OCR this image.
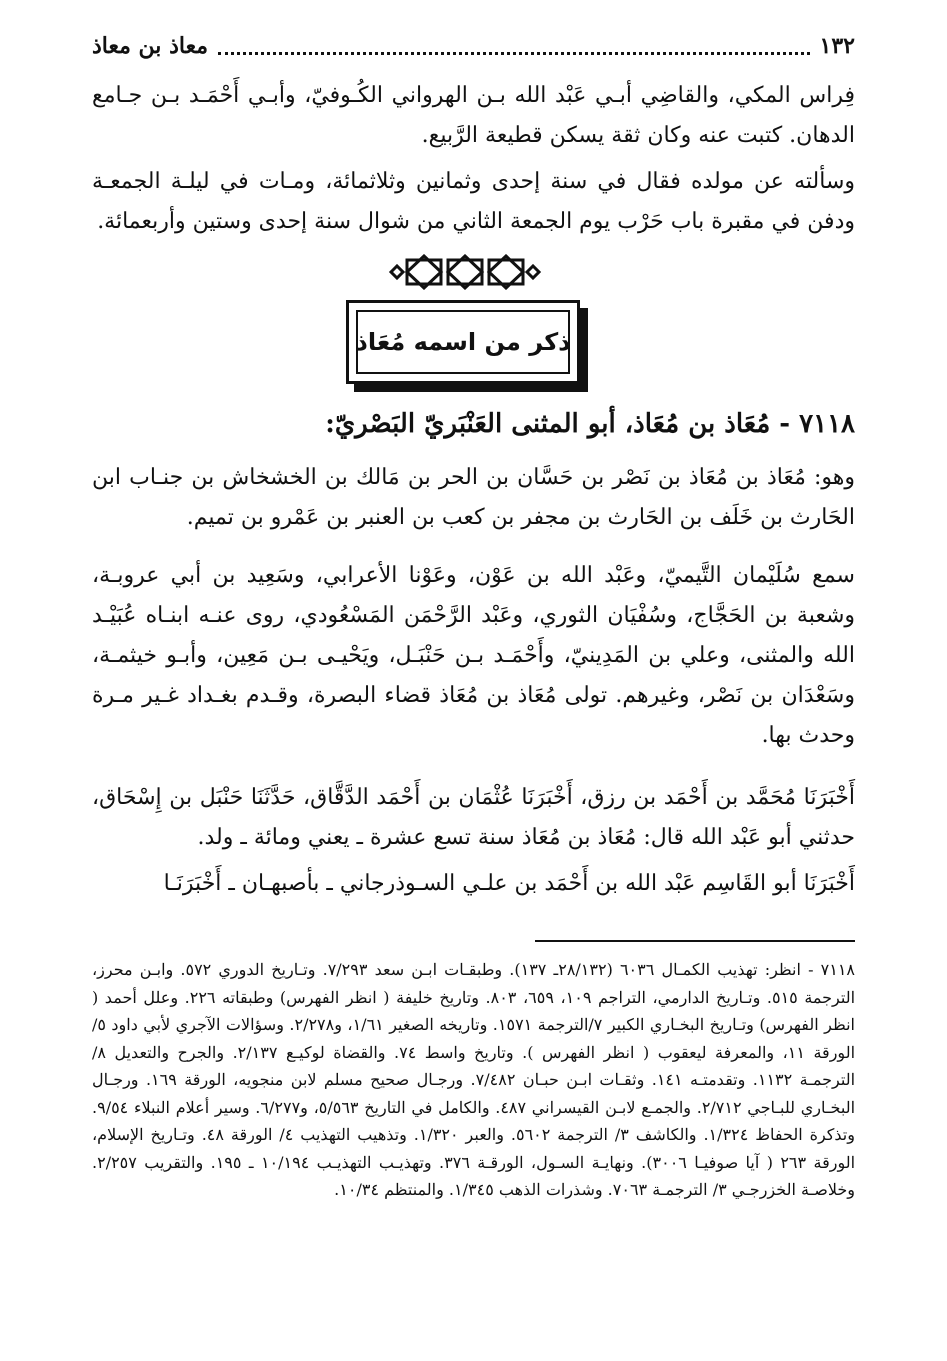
١٣٢
معاذ بن معاذ

فِراس المكي، والقاضِي أبـي عَبْد الله بـن الهرواني الكُـوفيّ، وأبـي أَحْمَـد بـن جـامع الدهان. كتبت عنه وكان ثقة يسكن قطيعة الرَّبيع.

وسألته عن مولده فقال في سنة إحدى وثمانين وثلاثمائة، ومـات في ليلـة الجمعـة ودفن في مقبرة باب حَرْب يوم الجمعة الثاني من شوال سنة إحدى وستين وأربعمائة.

ذكر من اسمه مُعَاذ
٧١١٨ - مُعَاذ بن مُعَاذ، أبو المثنى العَنْبَريّ البَصْريّ:

وهو: مُعَاذ بن مُعَاذ بن نَصْر بن حَسَّان بن الحر بن مَالك بن الخشخاش بن جنـاب ابن الحَارث بن خَلَف بن الحَارث بن مجفر بن كعب بن العنبر بن عَمْرو بن تميم.

سمع سُلَيْمان التَّيميّ، وعَبْد الله بن عَوْن، وعَوْنا الأعرابي، وسَعِيد بن أبي عروبـة، وشعبة بن الحَجَّاج، وسُفْيَان الثوري، وعَبْد الرَّحْمَن المَسْعُودي، روى عنـه ابنـاه عُبَيْـد الله والمثنى، وعلي بن المَدِينيّ، وأَحْمَـد بـن حَنْبَـل، ويَحْيـى بـن مَعِين، وأبـو خيثمـة، وسَعْدَان بن نَصْر، وغيرهم. تولى مُعَاذ بن مُعَاذ قضاء البصرة، وقـدم بغـداد غـير مـرة وحدث بها.

أَخْبَرَنَا مُحَمَّد بن أَحْمَد بن رزق، أَخْبَرَنَا عُثْمَان بن أَحْمَد الدَّقَّاق، حَدَّثَنَا حَنْبَل بن إِسْحَاق، حدثني أبو عَبْد الله قال: مُعَاذ بن مُعَاذ سنة تسع عشرة ـ يعني ومائة ـ ولد.

أَخْبَرَنَا أبو القَاسِم عَبْد الله بن أَحْمَد بن علـي السـوذرجاني ـ بأصبهـان ـ أَخْبَرَنَـا

٧١١٨ - انظر: تهذيب الكمـال ٦٠٣٦ (٢٨/١٣٢ـ ١٣٧). وطبقـات ابـن سعد ٧/٢٩٣. وتـاريخ الدوري ٥٧٢. وابـن محرز، الترجمة ٥١٥. وتـاريخ الدارمي، التراجم ١٠٩، ٦٥٩، ٨٠٣. وتاريخ خليفة ( انظر الفهرس) وطبقاته ٢٢٦. وعلل أحمد ( انظر الفهرس) وتـاريخ البخـاري الكبير ٧/الترجمة ١٥٧١. وتاريخه الصغير ١/٦١، و٢/٢٧٨. وسؤالات الآجري لأبي داود ٥/ الورقة ١١، والمعرفة ليعقوب ( انظر الفهرس ). وتاريخ واسط ٧٤. والقضاة لوكيـع ٢/١٣٧. والجرح والتعديل ٨/ الترجمـة ١١٣٢. وتقدمتـه ١٤١. وثقـات ابـن حبـان ٧/٤٨٢. ورجـال صحيح مسلم لابن منجويه، الورقة ١٦٩. ورجـال البخـاري للبـاجي ٢/٧١٢. والجمـع لابـن القيسراني ٤٨٧. والكامل في التاريخ ٥/٥٦٣، و٦/٢٧٧. وسير أعلام النبلاء ٩/٥٤. وتذكرة الحفاظ ١/٣٢٤. والكاشف ٣/ الترجمة ٥٦٠٢. والعبر ١/٣٢٠. وتذهيب التهذيب ٤/ الورقة ٤٨. وتـاريخ الإسلام، الورقة ٢٦٣ ( آيا صوفيـا ٣٠٠٦). ونهايـة السـول، الورقـة ٣٧٦. وتهذيـب التهذيـب ١٠/١٩٤ ـ ١٩٥. والتقريب ٢/٢٥٧. وخلاصـة الخزرجـي ٣/ الترجمـة ٧٠٦٣. وشذرات الذهب ١/٣٤٥. والمنتظم ١٠/٣٤.
